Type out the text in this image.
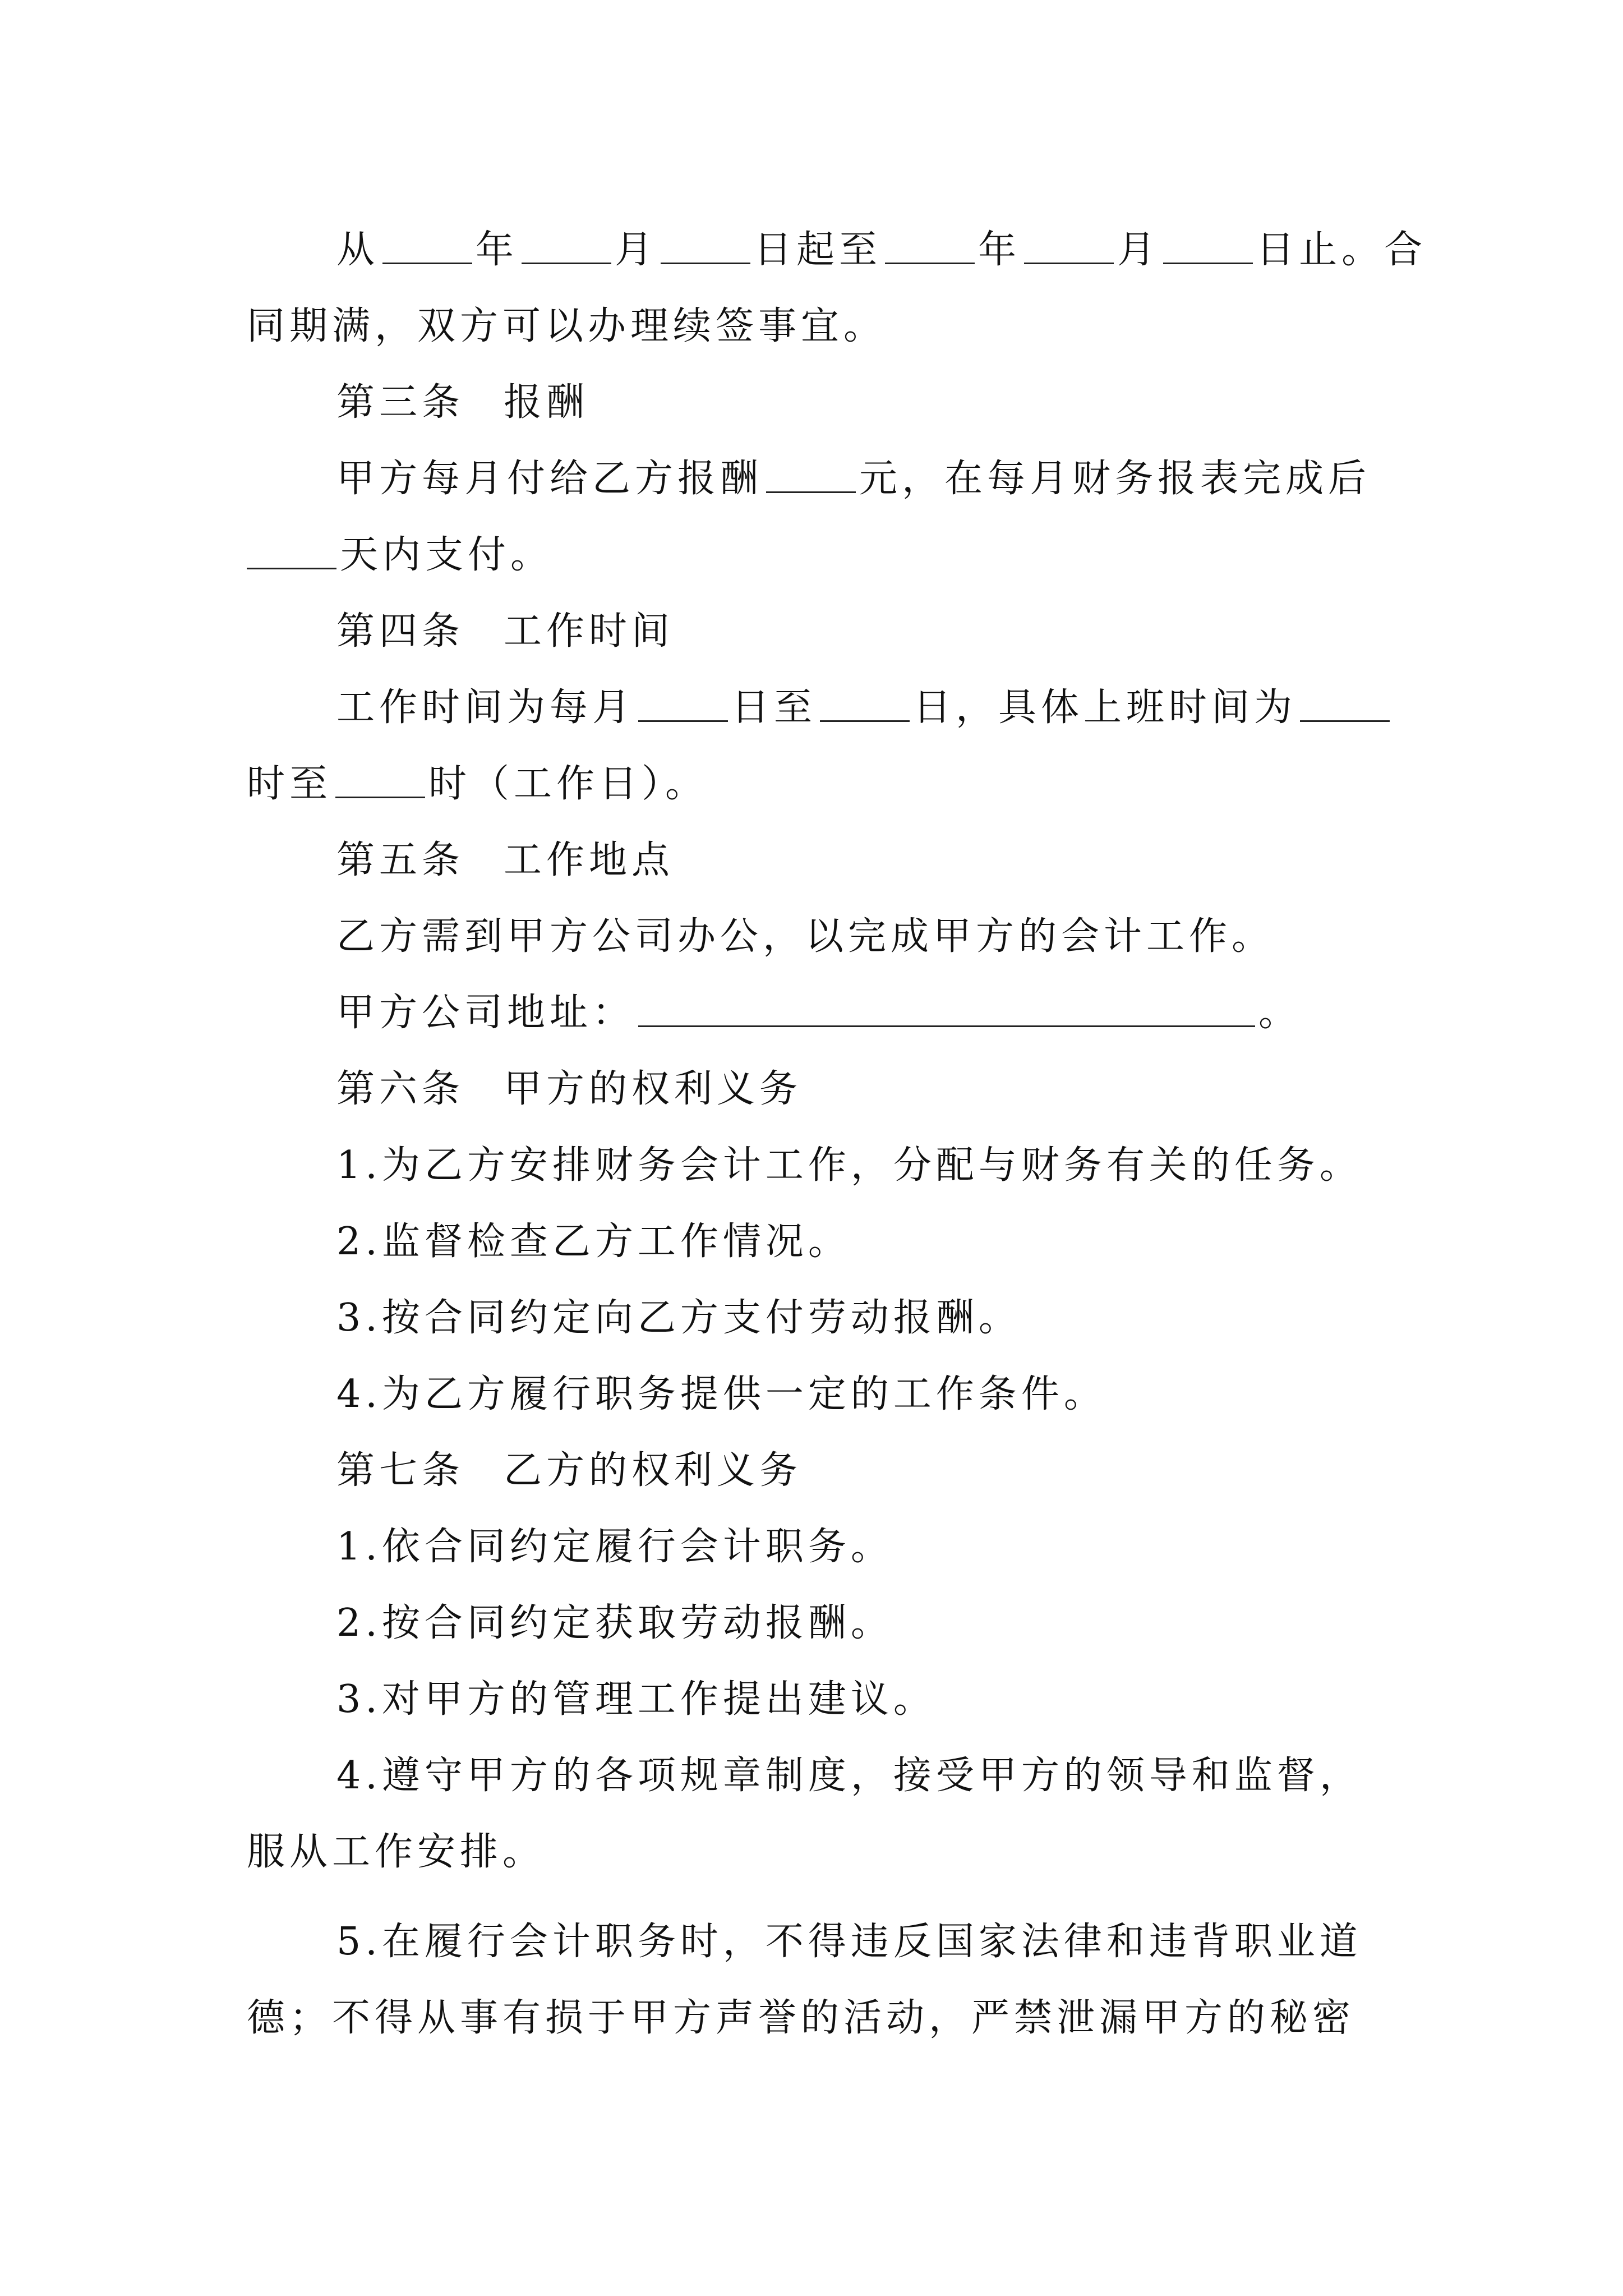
从	年	月	日起至	年	月	日止。合
同期满，双方可以办理续签事宜。
第三条 报酬
甲方每月付给乙方报酬	元，在每月财务报表完成后
天内支付。
第四条 工作时间
工作时间为每月	日至	日，具体上班时间为
时至	时（工作日）。
第五条 工作地点
乙方需到甲方公司办公，以完成甲方的会计工作。
甲方公司地址：	。
第六条 甲方的权利义务
1.为乙方安排财务会计工作，分配与财务有关的任务。
2.监督检查乙方工作情况。
3.按合同约定向乙方支付劳动报酬。
4.为乙方履行职务提供一定的工作条件。
第七条 乙方的权利义务
1.依合同约定履行会计职务。
2.按合同约定获取劳动报酬。
3.对甲方的管理工作提出建议。
4.遵守甲方的各项规章制度，接受甲方的领导和监督，
服从工作安排。
5.在履行会计职务时，不得违反国家法律和违背职业道
德；不得从事有损于甲方声誉的活动，严禁泄漏甲方的秘密
